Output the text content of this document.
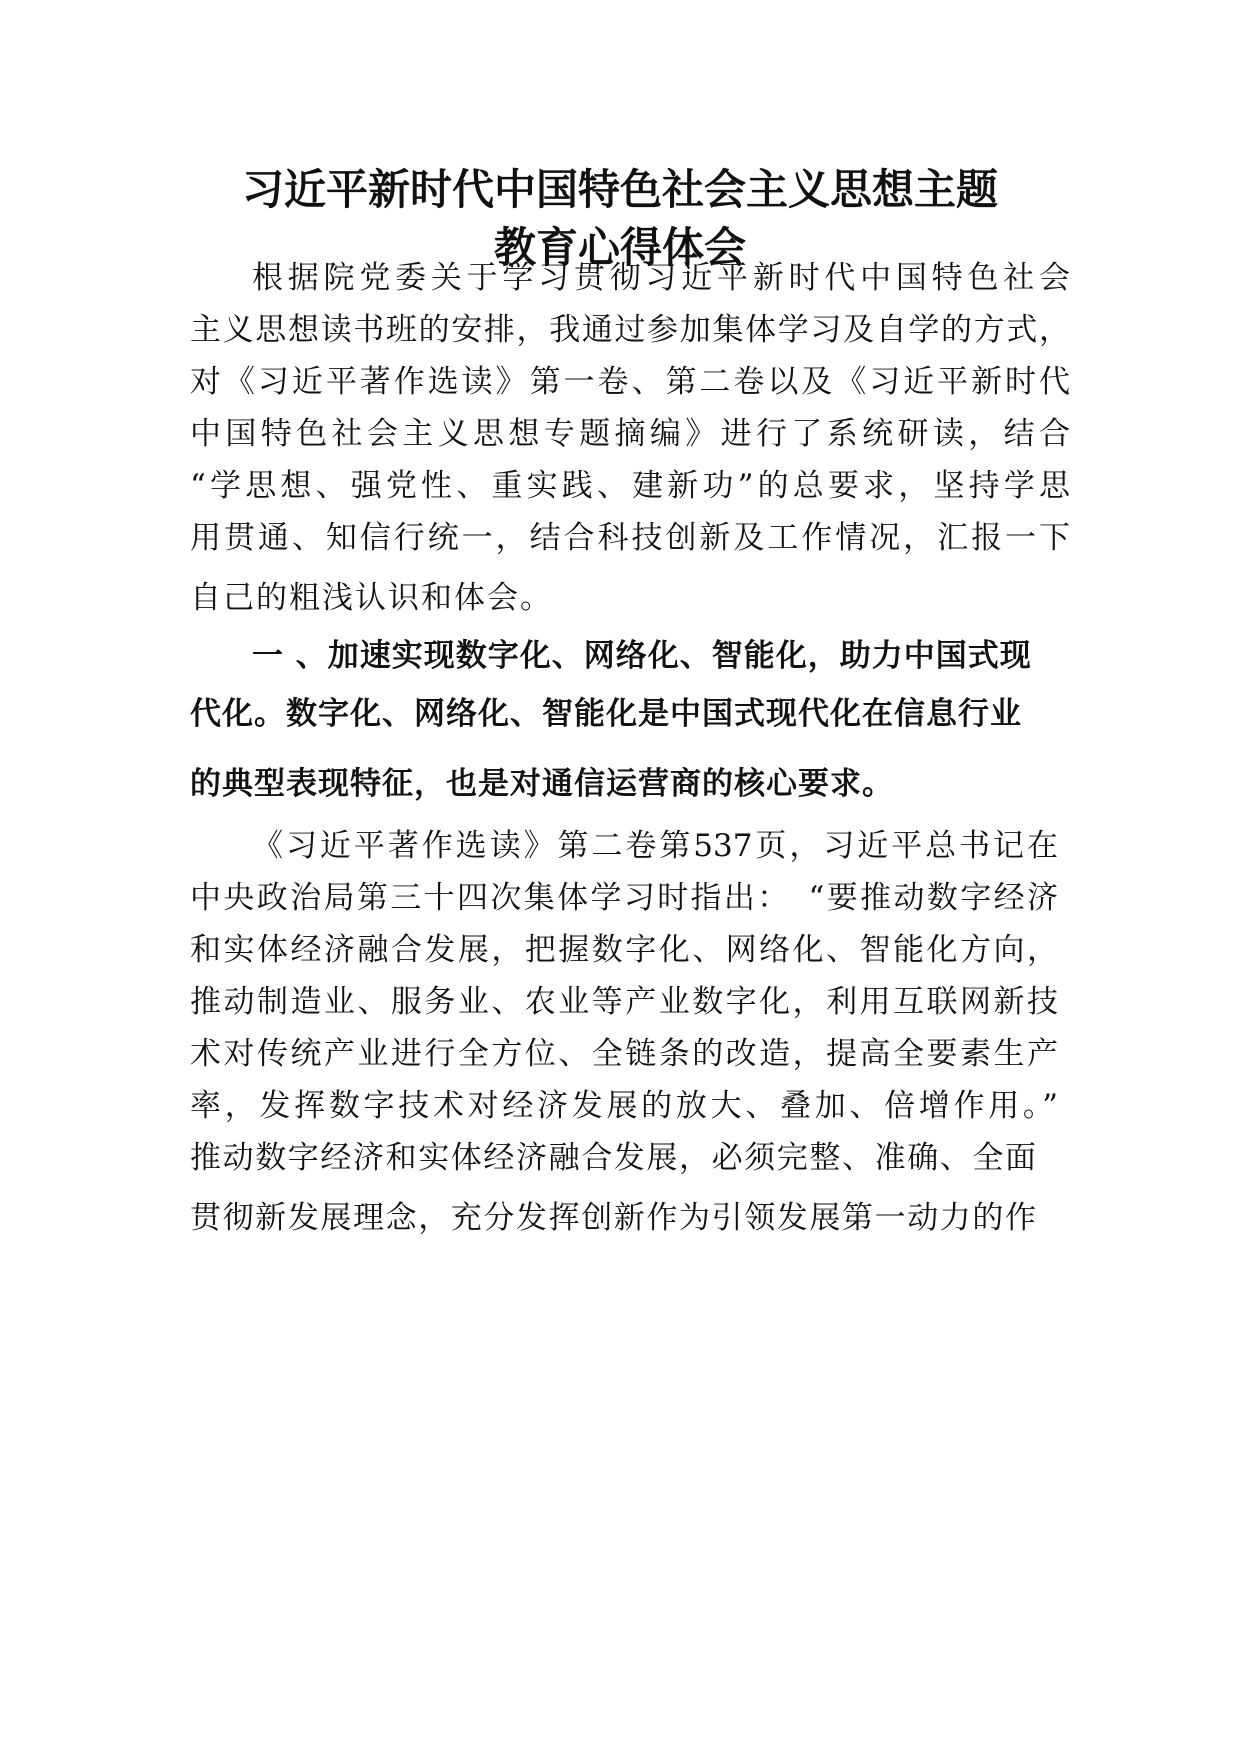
习近平新时代中国特色社会主义思想主题
教育心得体会

根据院党委关于学习贯彻习近平新时代中国特色社会

主义思想读书班的安排，我通过参加集体学习及自学的方式，

对《习近平著作选读》第一卷、第二卷以及《习近平新时代

中国特色社会主义思想专题摘编》进行了系统研读，结合

“学思想、强党性、重实践、建新功”的总要求，坚持学思

用贯通、知信行统一，结合科技创新及工作情况，汇报一下

自己的粗浅认识和体会。

一 、加速实现数字化、网络化、智能化，助力中国式现

代化。数字化、网络化、智能化是中国式现代化在信息行业

的典型表现特征，也是对通信运营商的核心要求。

《习近平著作选读》第二卷第537页，习近平总书记在

中央政治局第三十四次集体学习时指出：　“要推动数字经济

和实体经济融合发展，把握数字化、网络化、智能化方向，

推动制造业、服务业、农业等产业数字化，利用互联网新技

术对传统产业进行全方位、全链条的改造，提高全要素生产

率，发挥数字技术对经济发展的放大、叠加、倍增作用。”

推动数字经济和实体经济融合发展，必须完整、准确、全面

贯彻新发展理念，充分发挥创新作为引领发展第一动力的作
